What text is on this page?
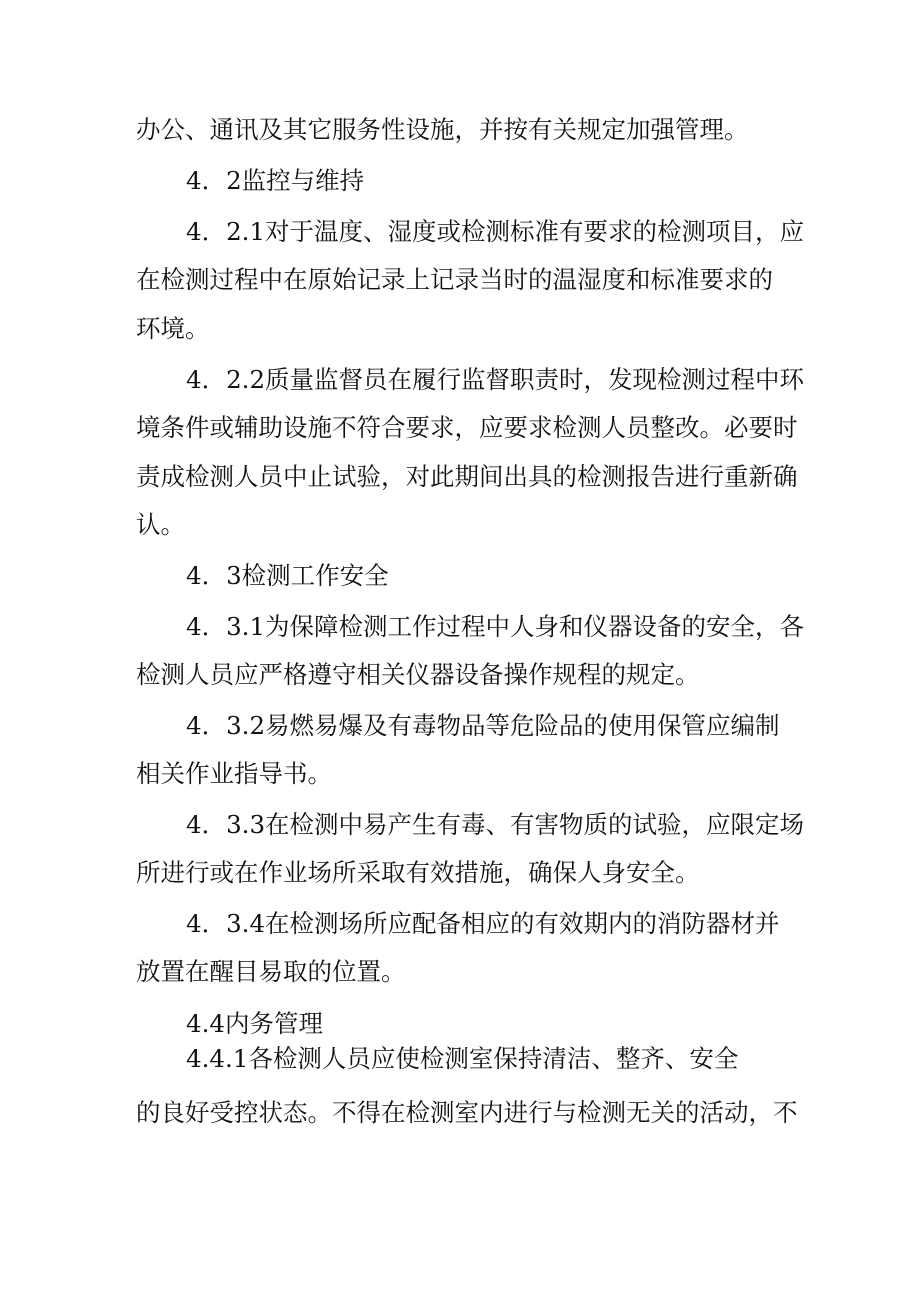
办公、通讯及其它服务性设施，并按有关规定加强管理。
4．2监控与维持
4．2.1对于温度、湿度或检测标准有要求的检测项目，应
在检测过程中在原始记录上记录当时的温湿度和标准要求的
环境。
4．2.2质量监督员在履行监督职责时，发现检测过程中环
境条件或辅助设施不符合要求，应要求检测人员整改。必要时
责成检测人员中止试验，对此期间出具的检测报告进行重新确
认。
4．3检测工作安全
4．3.1为保障检测工作过程中人身和仪器设备的安全，各
检测人员应严格遵守相关仪器设备操作规程的规定。
4．3.2易燃易爆及有毒物品等危险品的使用保管应编制
相关作业指导书。
4．3.3在检测中易产生有毒、有害物质的试验，应限定场
所进行或在作业场所采取有效措施，确保人身安全。
4．3.4在检测场所应配备相应的有效期内的消防器材并
放置在醒目易取的位置。
4.4内务管理
4.4.1各检测人员应使检测室保持清洁、整齐、安全
的良好受控状态。不得在检测室内进行与检测无关的活动，不
